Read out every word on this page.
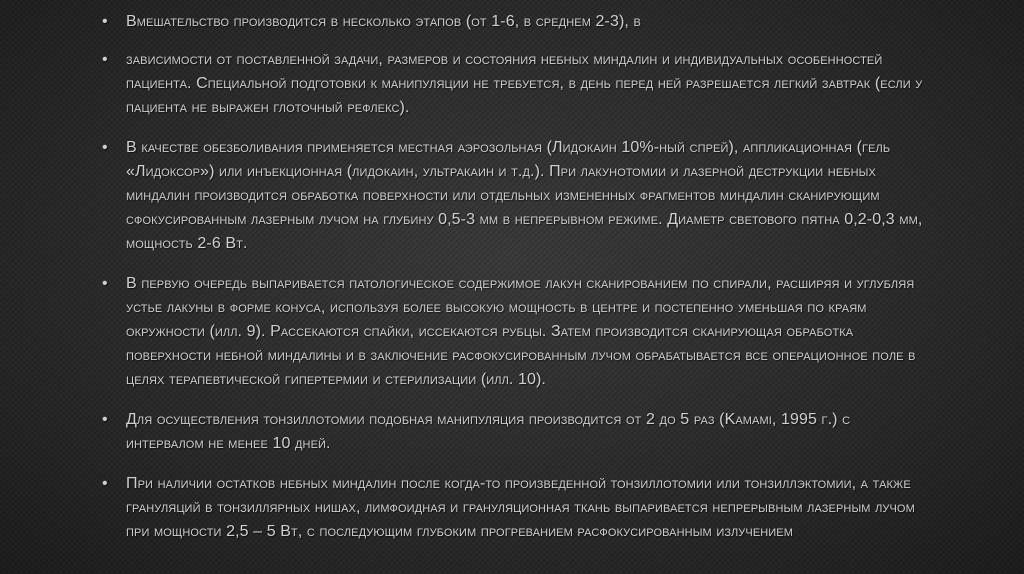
• Вмешательство производится в несколько этапов (от 1-6, в среднем 2-3), в
• зависимости от поставленной задачи, размеров и состояния небных миндалин и индивидуальных особенностей пациента. Специальной подготовки к манипуляции не требуется, в день перед ней разрешается легкий завтрак (если у пациента не выражен глоточный рефлекс).
• В качестве обезболивания применяется местная аэрозольная (Лидокаин 10%-ный спрей), аппликационная (гель «Лидоксор») или инъекционная (лидокаин, ультракаин и т.д.). При лакунотомии и лазерной деструкции небных миндалин производится обработка поверхности или отдельных измененных фрагментов миндалин сканирующим сфокусированным лазерным лучом на глубину 0,5-3 мм в непрерывном режиме. Диаметр светового пятна 0,2-0,3 мм, мощность 2-6 Вт.
• В первую очередь выпаривается патологическое содержимое лакун сканированием по спирали, расширяя и углубляя устье лакуны в форме конуса, используя более высокую мощность в центре и постепенно уменьшая по краям окружности (илл. 9). Рассекаются спайки, иссекаются рубцы. Затем производится сканирующая обработка поверхности небной миндалины и в заключение расфокусированным лучом обрабатывается все операционное поле в целях терапевтической гипертермии и стерилизации (илл. 10).
• Для осуществления тонзиллотомии подобная манипуляция производится от 2 до 5 раз (Kamami, 1995 г.) с интервалом не менее 10 дней.
• При наличии остатков небных миндалин после когда-то произведенной тонзиллотомии или тонзиллэктомии, а также грануляций в тонзиллярных нишах, лимфоидная и грануляционная ткань выпаривается непрерывным лазерным лучом при мощности 2,5 – 5 Вт, с последующим глубоким прогреванием расфокусированным излучением
